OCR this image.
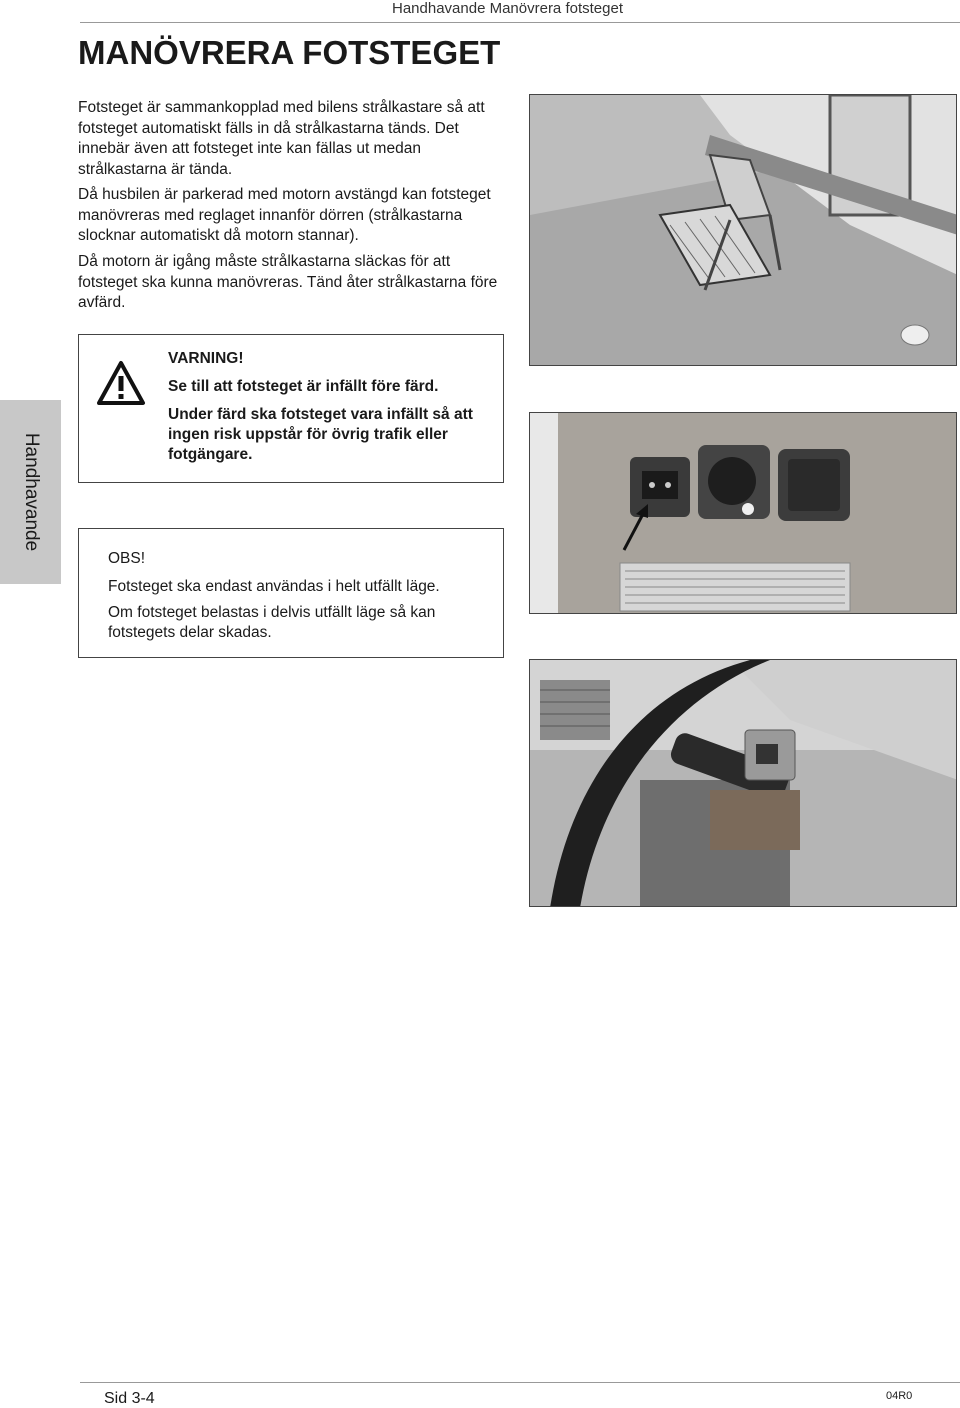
Handhavande Manövrera fotsteget
MANÖVRERA FOTSTEGET

Fotsteget är sammankopplad med bilens strålkastare så att fotsteget automatiskt fälls in då strålkastarna tänds. Det innebär även att fotsteget inte kan fällas ut medan strålkastarna är tända.

Då husbilen är parkerad med motorn avstängd kan fotsteget manövreras med reglaget innanför dörren (strålkastarna slocknar automatiskt då motorn stannar).

Då motorn är igång måste strålkastarna släckas för att fotsteget ska kunna manövreras. Tänd åter strålkastarna före avfärd.

VARNING!

Se till att fotsteget är infällt före färd.

Under färd ska fotsteget vara infällt så att ingen risk uppstår för övrig trafik eller fotgängare.

Handhavande

OBS!

Fotsteget ska endast användas i helt utfällt läge.

Om fotsteget belastas i delvis utfällt läge så kan fotstegets delar skadas.

Sid 3-4	04R0
